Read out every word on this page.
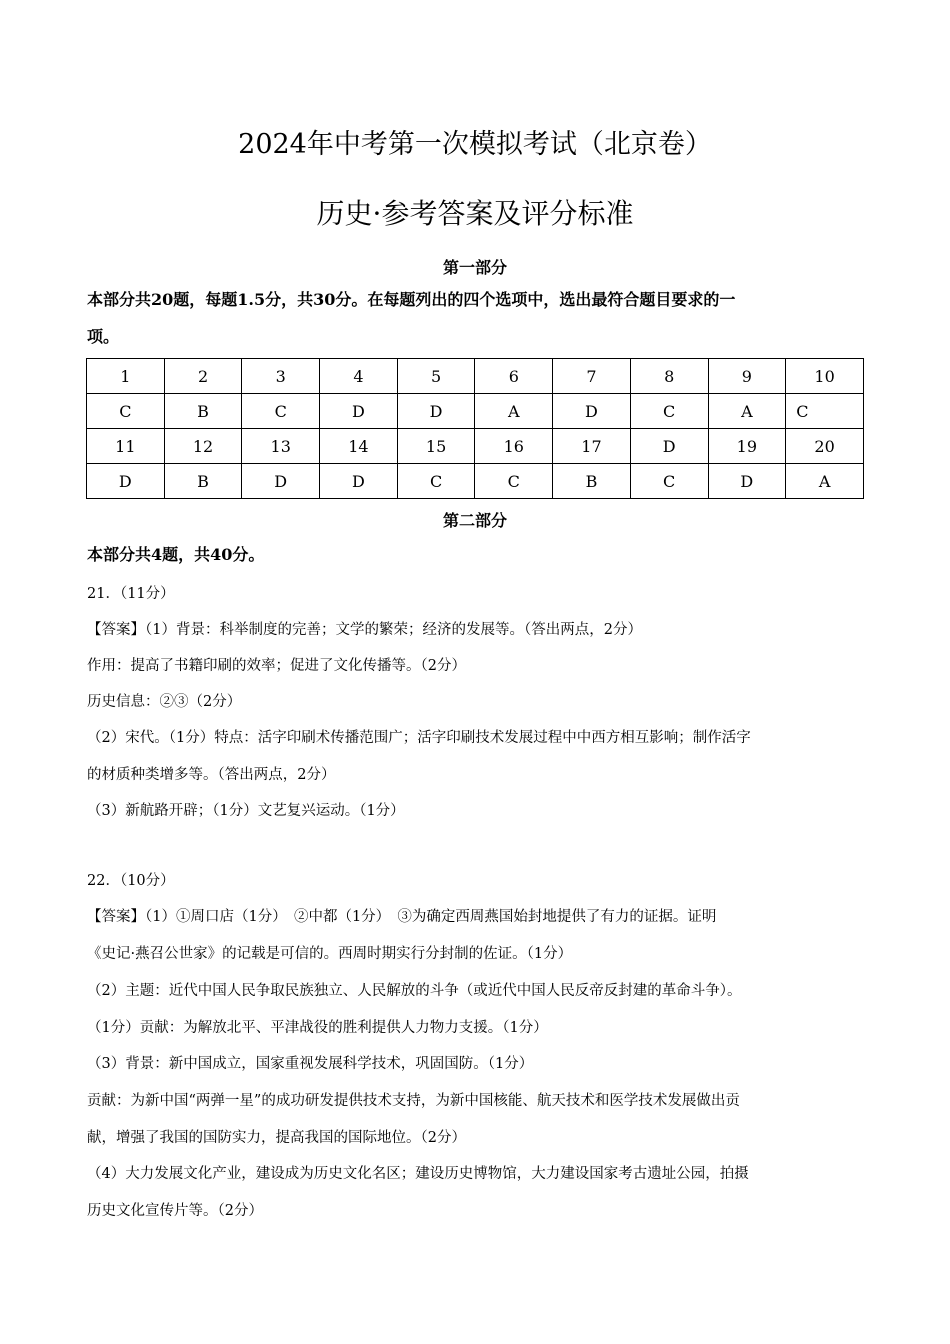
2024年中考第一次模拟考试（北京卷）
历史·参考答案及评分标准
第一部分
本部分共20题，每题1.5分，共30分。在每题列出的四个选项中，选出最符合题目要求的一
项。
1	2	3	4	5	6	7	8	9	10
C	B	C	D	D	A	D	C	A	C
11	12	13	14	15	16	17	D	19	20
D	B	D	D	C	C	B	C	D	A
第二部分
本部分共4题，共40分。
21．（11分）
【答案】（1）背景：科举制度的完善；文学的繁荣；经济的发展等。（答出两点，2分）
作用：提高了书籍印刷的效率；促进了文化传播等。（2分）
历史信息：②③（2分）
（2）宋代。（1分）特点：活字印刷术传播范围广；活字印刷技术发展过程中中西方相互影响；制作活字
的材质种类增多等。（答出两点，2分）
（3）新航路开辟；（1分）文艺复兴运动。（1分）
22．（10分）
【答案】（1）①周口店（1分）　②中都（1分）　③为确定西周燕国始封地提供了有力的证据。证明
《史记·燕召公世家》的记载是可信的。西周时期实行分封制的佐证。（1分）
（2）主题：近代中国人民争取民族独立、人民解放的斗争（或近代中国人民反帝反封建的革命斗争）。
（1分）贡献：为解放北平、平津战役的胜利提供人力物力支援。（1分）
（3）背景：新中国成立，国家重视发展科学技术，巩固国防。（1分）
贡献：为新中国“两弹一星”的成功研发提供技术支持，为新中国核能、航天技术和医学技术发展做出贡
献，增强了我国的国防实力，提高我国的国际地位。（2分）
（4）大力发展文化产业，建设成为历史文化名区；建设历史博物馆，大力建设国家考古遗址公园，拍摄
历史文化宣传片等。（2分）
